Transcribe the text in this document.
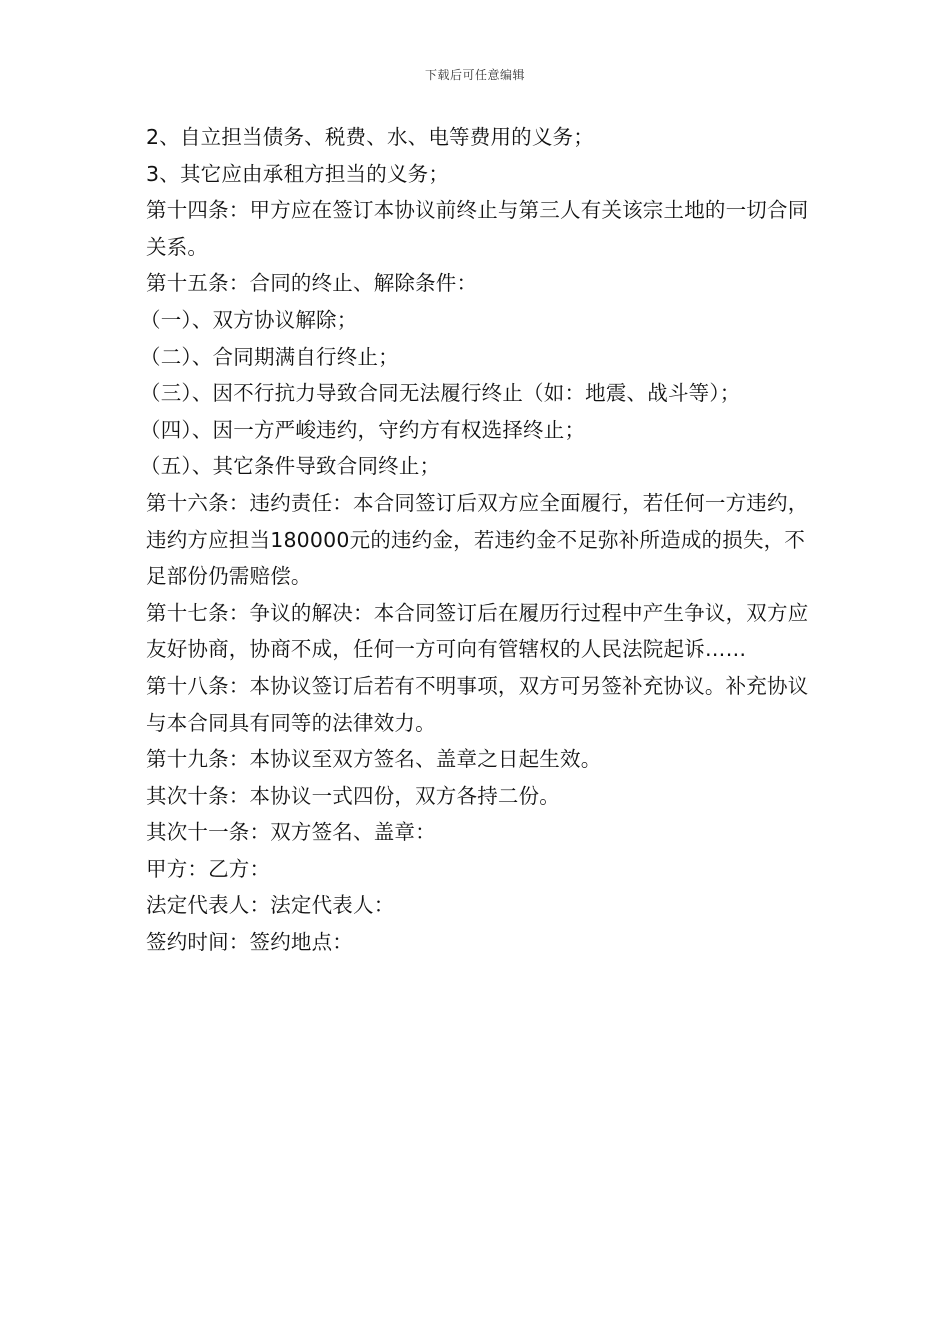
下载后可任意编辑

2、自立担当债务、税费、水、电等费用的义务；

3、其它应由承租方担当的义务；

第十四条：甲方应在签订本协议前终止与第三人有关该宗土地的一切合同关系。

第十五条：合同的终止、解除条件：

（一）、双方协议解除；

（二）、合同期满自行终止；

（三）、因不行抗力导致合同无法履行终止（如：地震、战斗等）；

（四）、因一方严峻违约，守约方有权选择终止；

（五）、其它条件导致合同终止；

第十六条：违约责任：本合同签订后双方应全面履行，若任何一方违约，违约方应担当180000元的违约金，若违约金不足弥补所造成的损失，不足部份仍需赔偿。

第十七条：争议的解决：本合同签订后在履历行过程中产生争议，双方应友好协商，协商不成，任何一方可向有管辖权的人民法院起诉……

第十八条：本协议签订后若有不明事项，双方可另签补充协议。补充协议与本合同具有同等的法律效力。

第十九条：本协议至双方签名、盖章之日起生效。

其次十条：本协议一式四份，双方各持二份。

其次十一条：双方签名、盖章：

甲方：乙方：

法定代表人：法定代表人：

签约时间：签约地点：
